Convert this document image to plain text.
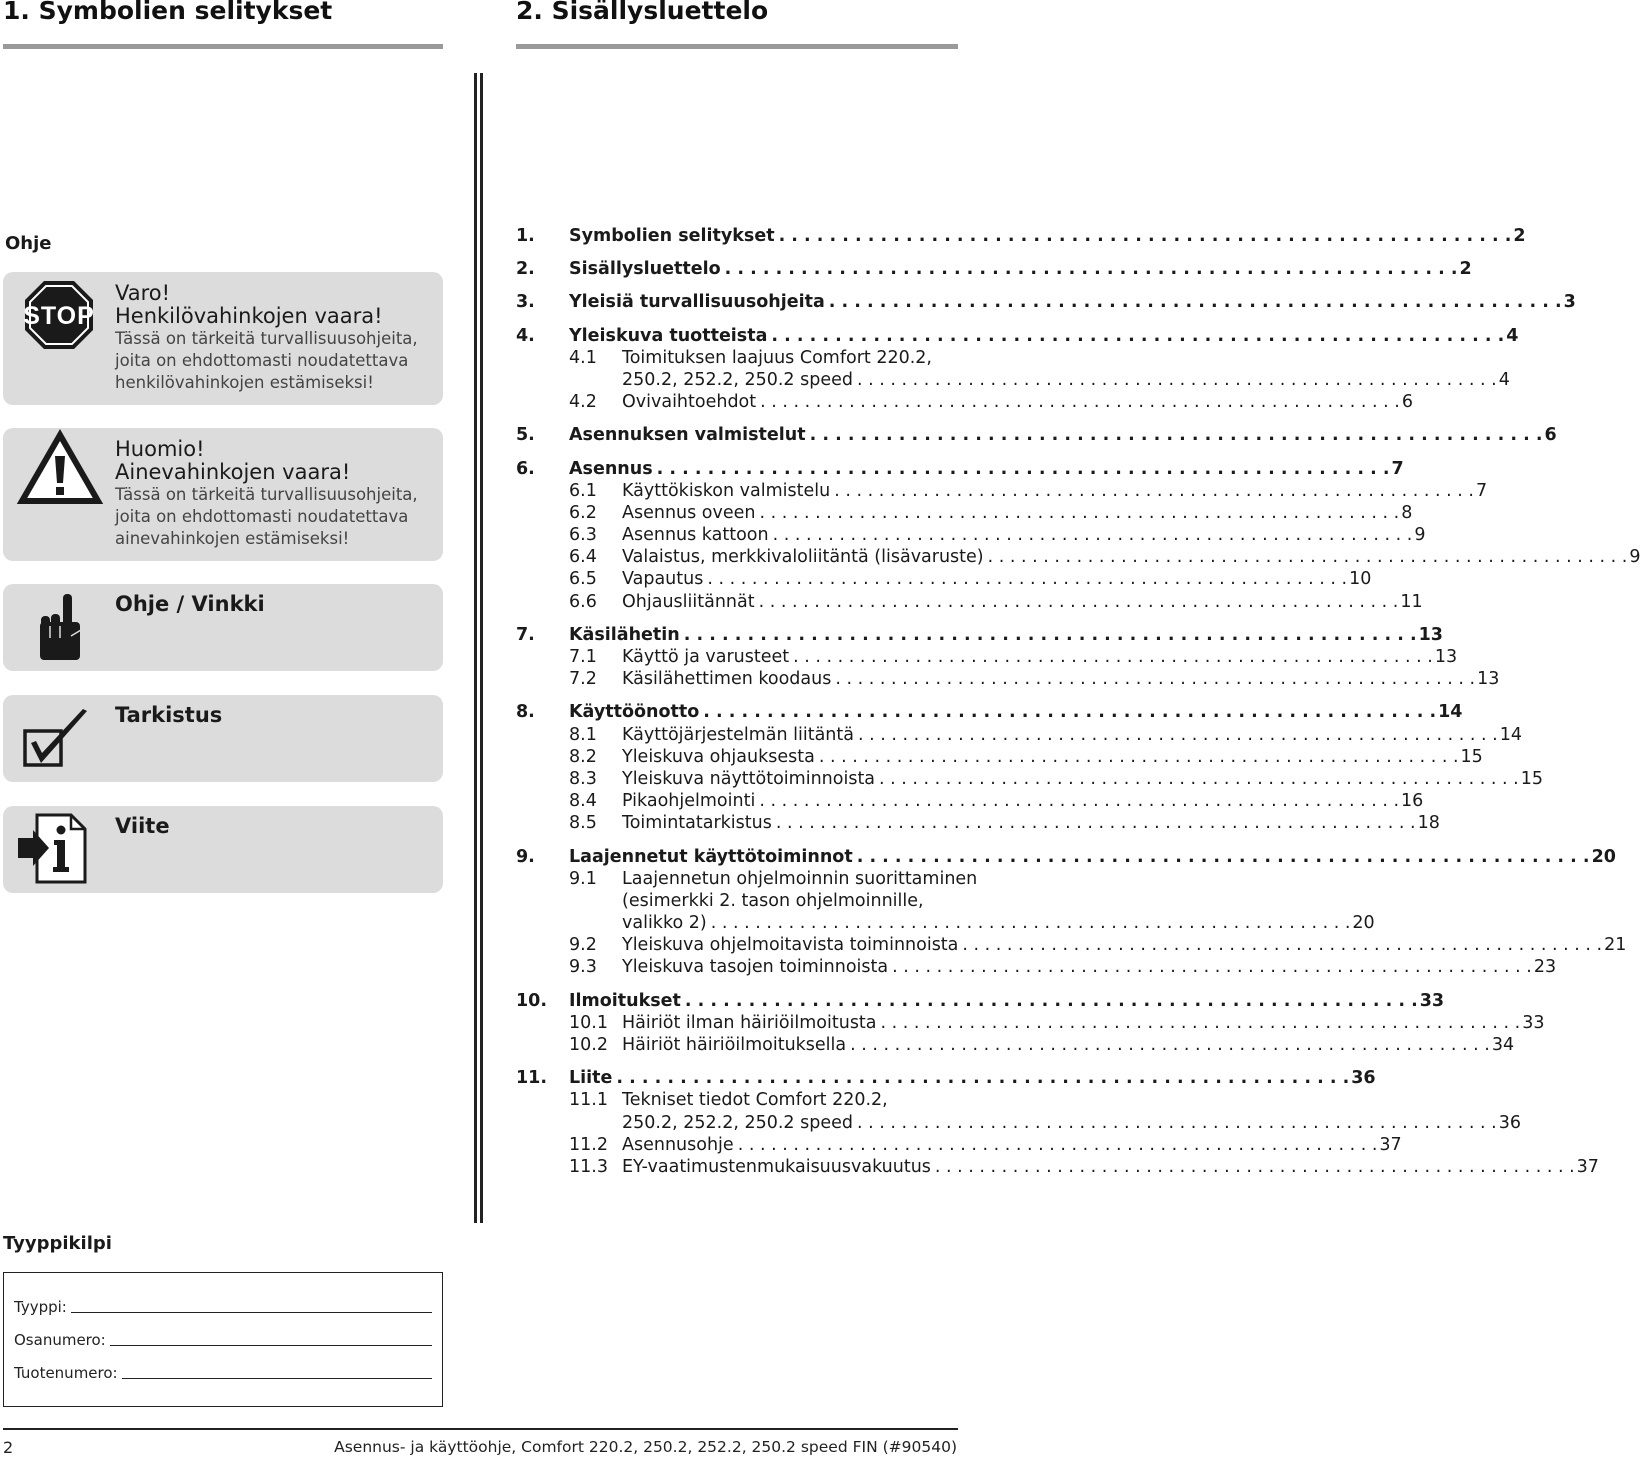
1. Symbolien selitykset	2. Sisällysluettelo
Ohje
STOP
Varo!
Henkilövahinkojen vaara!
Tässä on tärkeitä turvallisuusohjeita, joita on ehdottomasti noudatettava henkilövahinkojen estämiseksi!
Huomio!
Ainevahinkojen vaara!
Tässä on tärkeitä turvallisuusohjeita, joita on ehdottomasti noudatettava ainevahinkojen estämiseksi!
Ohje / Vinkki
Tarkistus
Viite
1. Symbolien selitykset . . .	2
2. Sisällysluettelo . . .	2
3. Yleisiä turvallisuusohjeita . . .	3
4. Yleiskuva tuotteista . . .	4
4.1 Toimituksen laajuus Comfort 220.2,
250.2, 252.2, 250.2 speed . . .	4
4.2 Ovivaihtoehdot . . .	6
5. Asennuksen valmistelut . . .	6
6. Asennus . . .	7
6.1 Käyttökiskon valmistelu . . .	7
6.2 Asennus oveen . . .	8
6.3 Asennus kattoon . . .	9
6.4 Valaistus, merkkivaloliitäntä (lisävaruste) . . .	9
6.5 Vapautus . . .	10
6.6 Ohjausliitännät . . .	11
7. Käsilähetin . . .	13
7.1 Käyttö ja varusteet . . .	13
7.2 Käsilähettimen koodaus . . .	13
8. Käyttöönotto . . .	14
8.1 Käyttöjärjestelmän liitäntä . . .	14
8.2 Yleiskuva ohjauksesta . . .	15
8.3 Yleiskuva näyttötoiminnoista . . .	15
8.4 Pikaohjelmointi . . .	16
8.5 Toimintatarkistus . . .	18
9. Laajennetut käyttötoiminnot . . .	20
9.1 Laajennetun ohjelmoinnin suorittaminen
(esimerkki 2. tason ohjelmoinnille,
valikko 2) . . .	20
9.2 Yleiskuva ohjelmoitavista toiminnoista . . .	21
9.3 Yleiskuva tasojen toiminnoista . . .	23
10. Ilmoitukset . . .	33
10.1 Häiriöt ilman häiriöilmoitusta . . .	33
10.2 Häiriöt häiriöilmoituksella . . .	34
11. Liite . . .	36
11.1 Tekniset tiedot Comfort 220.2,
250.2, 252.2, 250.2 speed . . .	36
11.2 Asennusohje . . .	37
11.3 EY-vaatimustenmukaisuusvakuutus . . .	37
Tyyppikilpi
Tyyppi:
Osanumero:
Tuotenumero:
2	Asennus- ja käyttöohje, Comfort 220.2, 250.2, 252.2, 250.2 speed FIN (#90540)
